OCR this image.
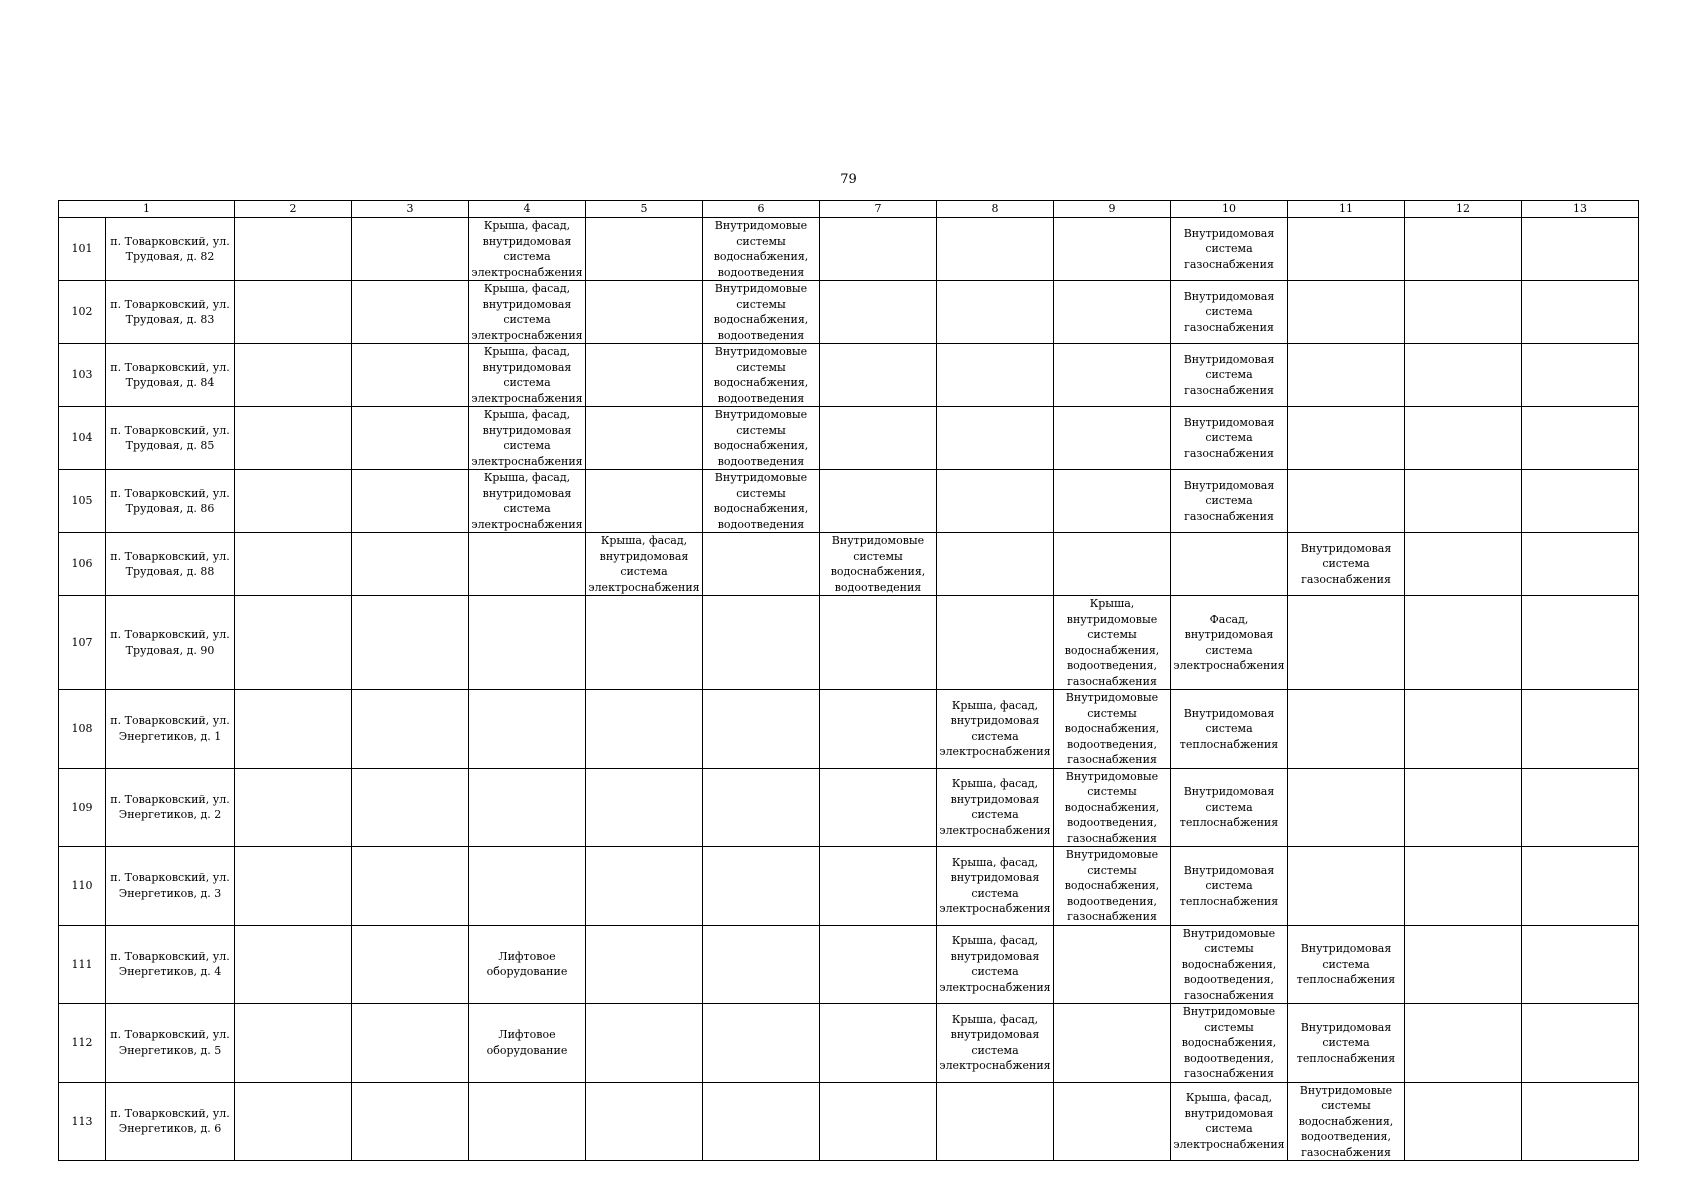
79
1		2	3	4	5	6	7	8	9	10	11	12	13
101	п. Товарковский, ул. Трудовая, д. 82			Крыша, фасад, внутридомовая система электроснабжения		Внутридомовые системы водоснабжения, водоотведения				Внутридомовая система газоснабжения			
102	п. Товарковский, ул. Трудовая, д. 83			Крыша, фасад, внутридомовая система электроснабжения		Внутридомовые системы водоснабжения, водоотведения				Внутридомовая система газоснабжения			
103	п. Товарковский, ул. Трудовая, д. 84			Крыша, фасад, внутридомовая система электроснабжения		Внутридомовые системы водоснабжения, водоотведения				Внутридомовая система газоснабжения			
104	п. Товарковский, ул. Трудовая, д. 85			Крыша, фасад, внутридомовая система электроснабжения		Внутридомовые системы водоснабжения, водоотведения				Внутридомовая система газоснабжения			
105	п. Товарковский, ул. Трудовая, д. 86			Крыша, фасад, внутридомовая система электроснабжения		Внутридомовые системы водоснабжения, водоотведения				Внутридомовая система газоснабжения			
106	п. Товарковский, ул. Трудовая, д. 88				Крыша, фасад, внутридомовая система электроснабжения		Внутридомовые системы водоснабжения, водоотведения				Внутридомовая система газоснабжения		
107	п. Товарковский, ул. Трудовая, д. 90								Крыша, внутридомовые системы водоснабжения, водоотведения, газоснабжения	Фасад, внутридомовая система электроснабжения			
108	п. Товарковский, ул. Энергетиков, д. 1							Крыша, фасад, внутридомовая система электроснабжения	Внутридомовые системы водоснабжения, водоотведения, газоснабжения	Внутридомовая система теплоснабжения			
109	п. Товарковский, ул. Энергетиков, д. 2							Крыша, фасад, внутридомовая система электроснабжения	Внутридомовые системы водоснабжения, водоотведения, газоснабжения	Внутридомовая система теплоснабжения			
110	п. Товарковский, ул. Энергетиков, д. 3							Крыша, фасад, внутридомовая система электроснабжения	Внутридомовые системы водоснабжения, водоотведения, газоснабжения	Внутридомовая система теплоснабжения			
111	п. Товарковский, ул. Энергетиков, д. 4			Лифтовое оборудование				Крыша, фасад, внутридомовая система электроснабжения		Внутридомовые системы водоснабжения, водоотведения, газоснабжения	Внутридомовая система теплоснабжения		
112	п. Товарковский, ул. Энергетиков, д. 5			Лифтовое оборудование				Крыша, фасад, внутридомовая система электроснабжения		Внутридомовые системы водоснабжения, водоотведения, газоснабжения	Внутридомовая система теплоснабжения		
113	п. Товарковский, ул. Энергетиков, д. 6									Крыша, фасад, внутридомовая система электроснабжения	Внутридомовые системы водоснабжения, водоотведения, газоснабжения		
